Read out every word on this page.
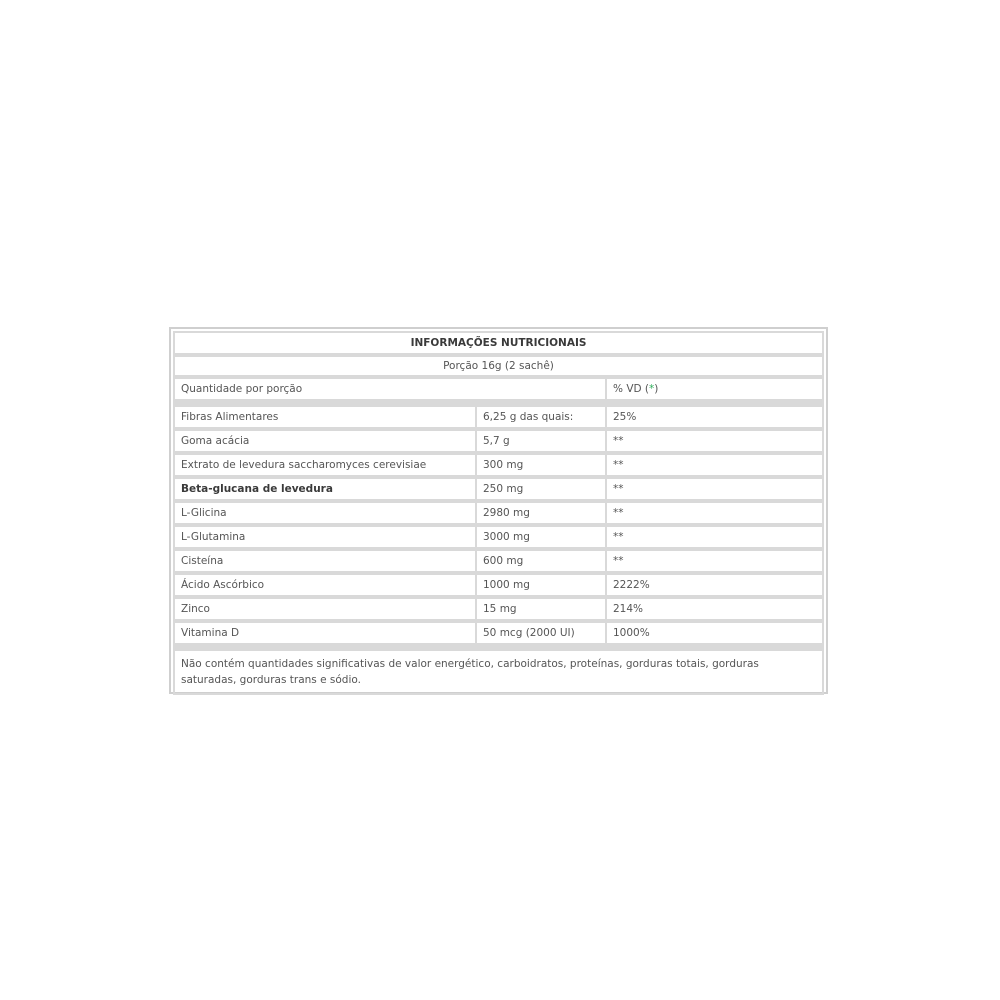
INFORMAÇÕES NUTRICIONAIS
Porção 16g (2 sachê)
Quantidade por porção	% VD ( * )
Fibras Alimentares	6,25 g das quais:	25%
Goma acácia	5,7 g	**
Extrato de levedura saccharomyces cerevisiae	300 mg	**
Beta-glucana de levedura	250 mg	**
L-Glicina	2980 mg	**
L-Glutamina	3000 mg	**
Cisteína	600 mg	**
Ácido Ascórbico	1000 mg	2222%
Zinco	15 mg	214%
Vitamina D	50 mcg (2000 UI)	1000%
Não contém quantidades significativas de valor energético, carboidratos, proteínas, gorduras totais, gorduras saturadas, gorduras trans e sódio.
